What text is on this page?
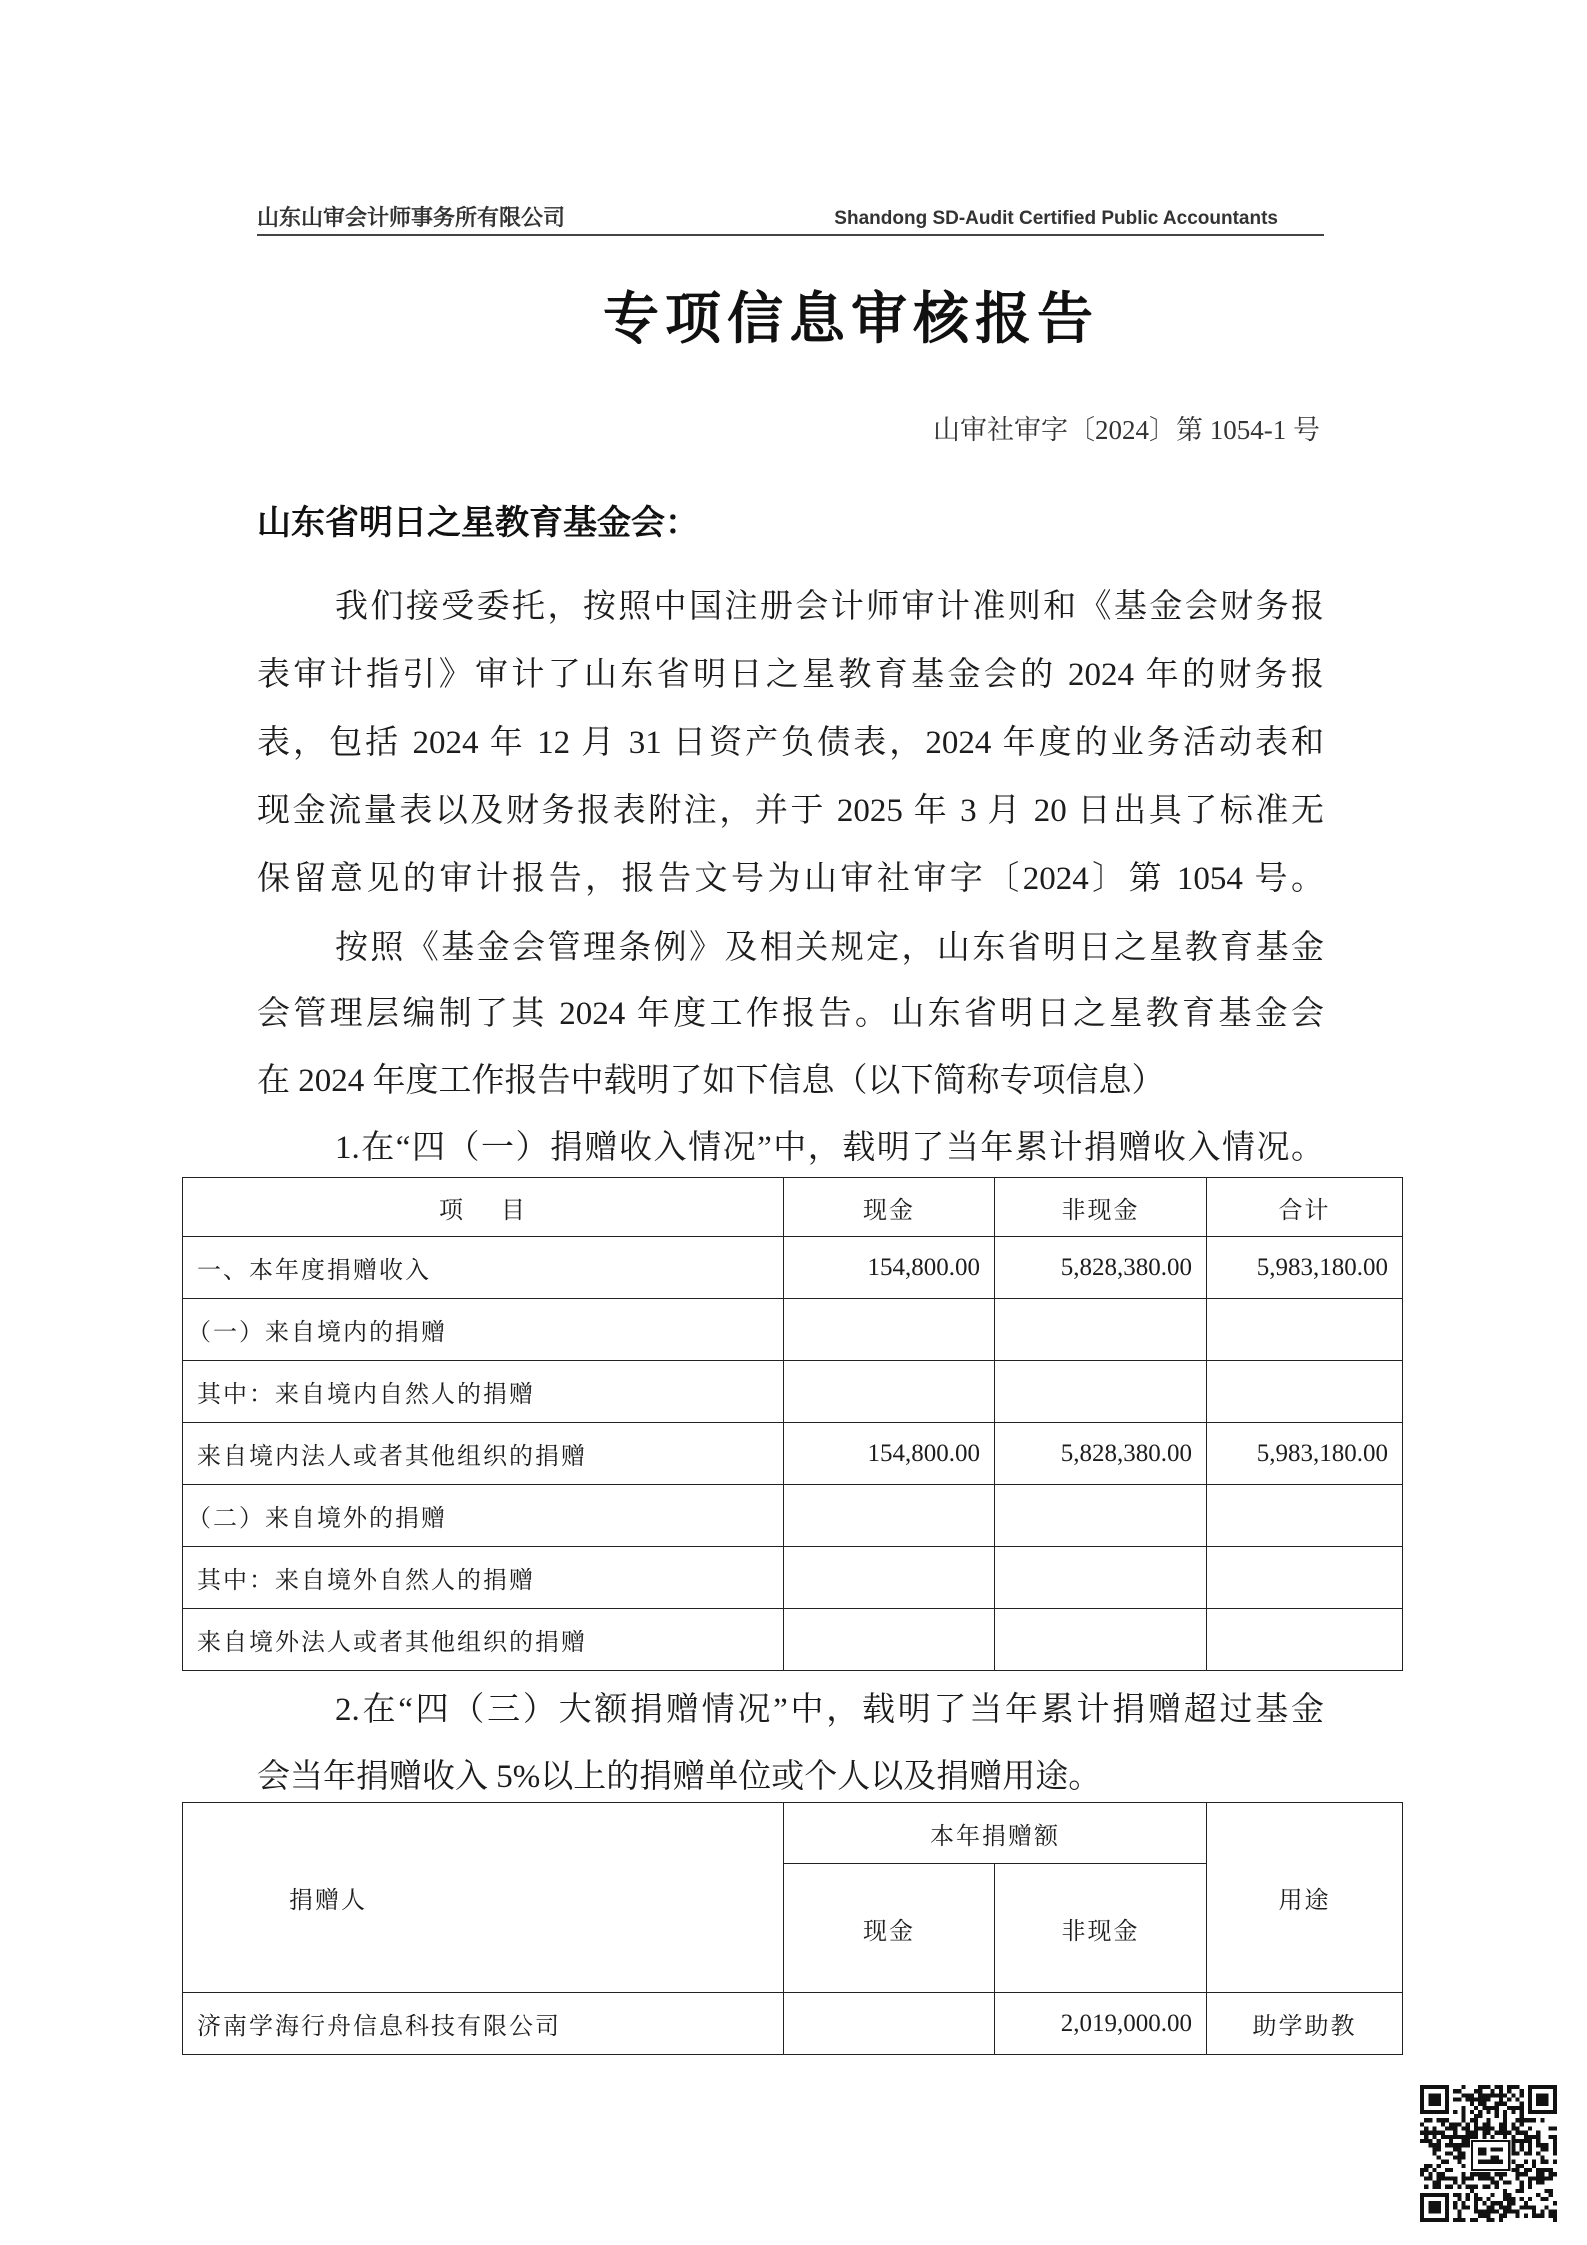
山东山审会计师事务所有限公司	Shandong SD-Audit Certified Public Accountants
专项信息审核报告
山审社审字〔2024〕第 1054-1 号
山东省明日之星教育基金会：
我们接受委托，按照中国注册会计师审计准则和《基金会财务报
表审计指引》审计了山东省明日之星教育基金会的 2024 年的财务报
表，包括 2024 年 12 月 31 日资产负债表，2024 年度的业务活动表和
现金流量表以及财务报表附注，并于 2025 年 3 月 20 日出具了标准无
保留意见的审计报告，报告文号为山审社审字〔2024〕第 1054 号。
按照《基金会管理条例》及相关规定，山东省明日之星教育基金
会管理层编制了其 2024 年度工作报告。山东省明日之星教育基金会
在 2024 年度工作报告中载明了如下信息（以下简称专项信息）
1.在“四（一）捐赠收入情况”中，载明了当年累计捐赠收入情况。
项 目	现金	非现金	合计
一、本年度捐赠收入	154,800.00	5,828,380.00	5,983,180.00
（一）来自境内的捐赠			
其中：来自境内自然人的捐赠			
来自境内法人或者其他组织的捐赠	154,800.00	5,828,380.00	5,983,180.00
（二）来自境外的捐赠			
其中：来自境外自然人的捐赠			
来自境外法人或者其他组织的捐赠			
2.在“四（三）大额捐赠情况”中，载明了当年累计捐赠超过基金
会当年捐赠收入 5%以上的捐赠单位或个人以及捐赠用途。
捐赠人	本年捐赠额		用途
	现金	非现金	
济南学海行舟信息科技有限公司		2,019,000.00	助学助教
